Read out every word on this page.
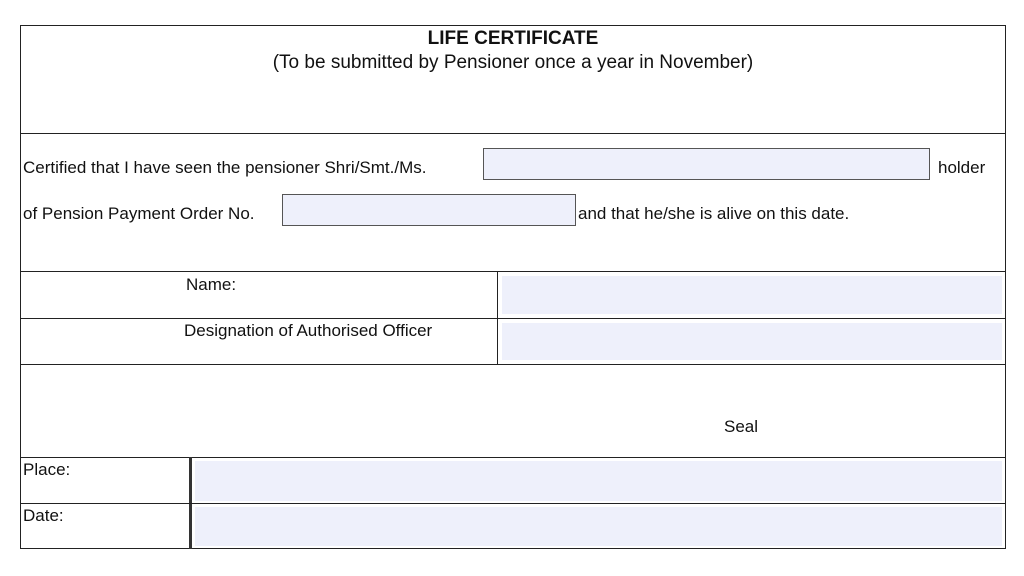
LIFE CERTIFICATE
(To be submitted by Pensioner once a year in November)
Certified that I have seen the pensioner Shri/Smt./Ms.	holder
of Pension Payment Order No.	and that he/she is alive on this date.
Name:
Designation of Authorised Officer
Seal
Place:
Date:
